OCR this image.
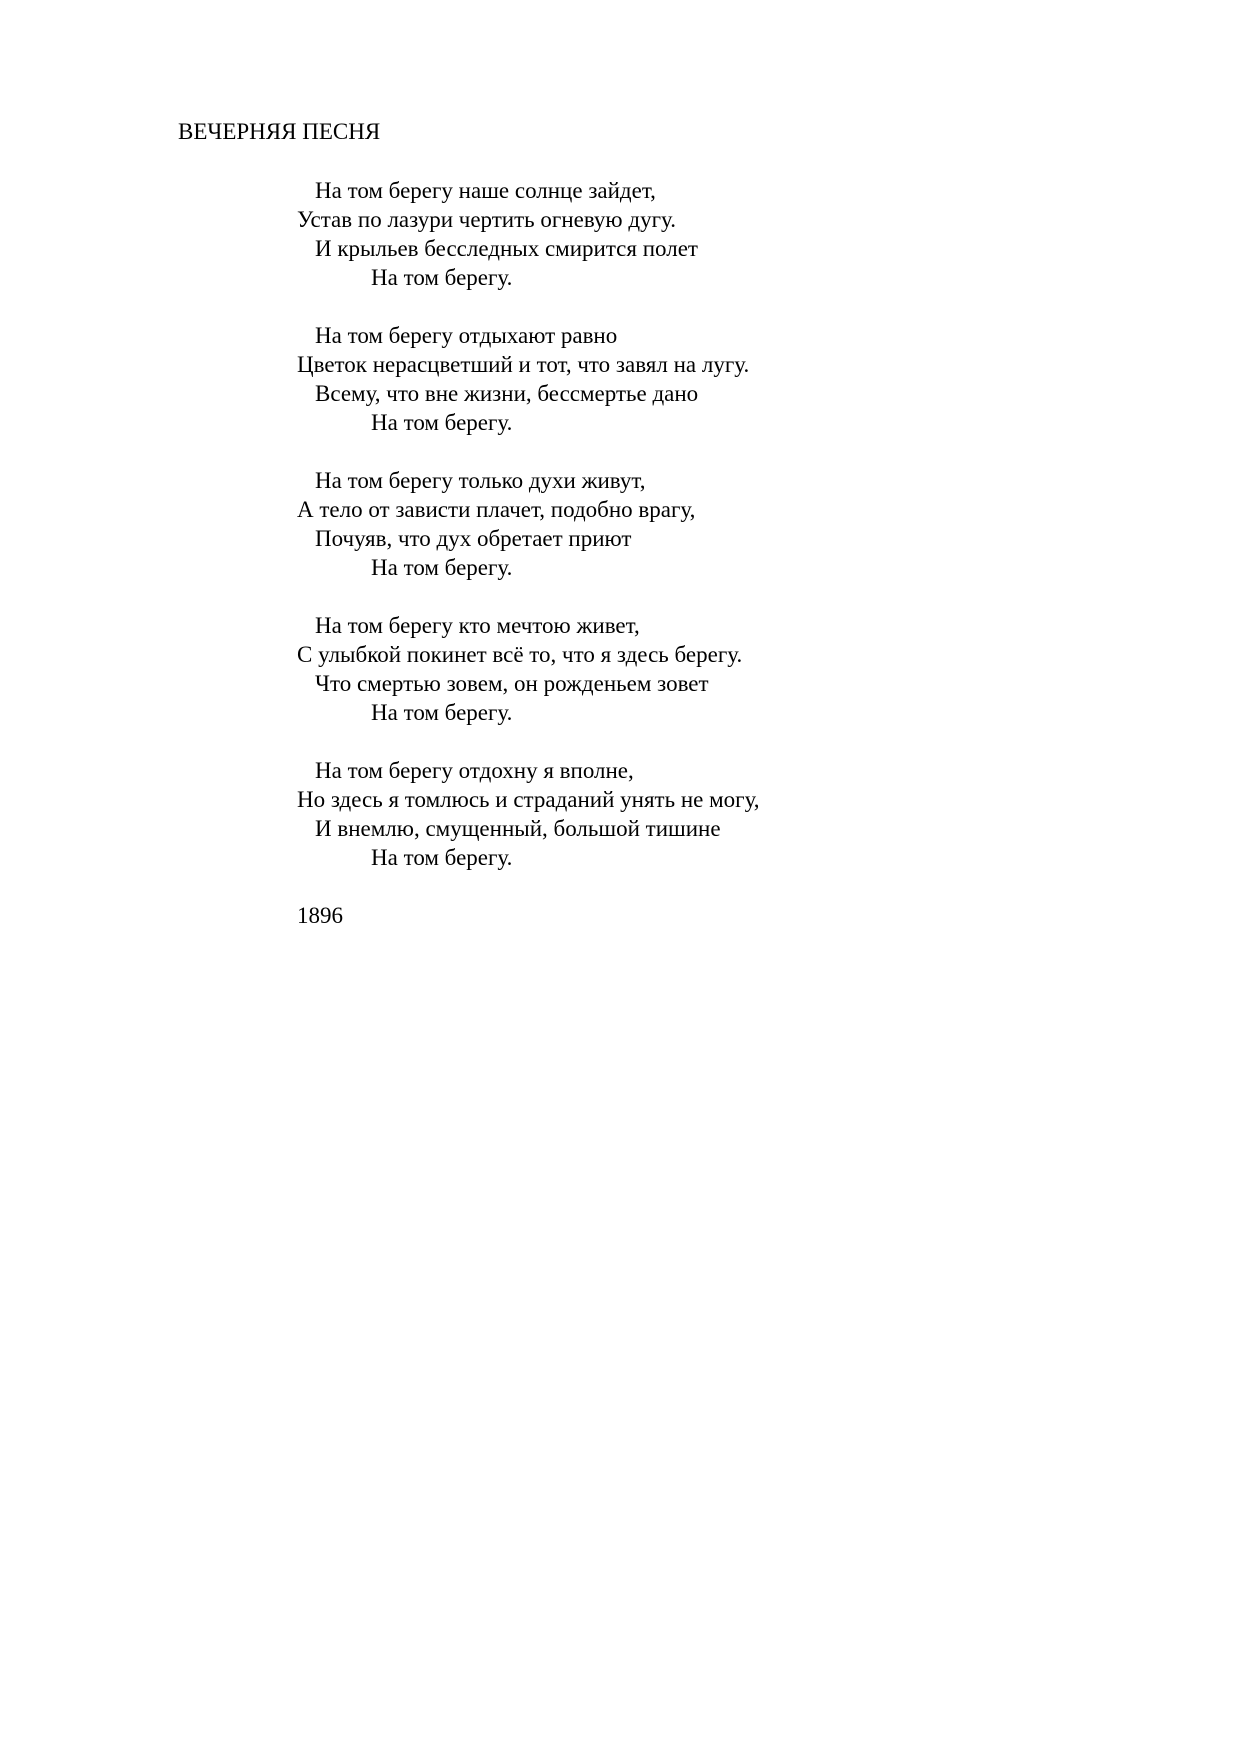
ВЕЧЕРНЯЯ ПЕСНЯ
На том берегу наше солнце зайдет,
Устав по лазури чертить огневую дугу.
И крыльев бесследных смирится полет
На том берегу.
На том берегу отдыхают равно
Цветок нерасцветший и тот, что завял на лугу.
Всему, что вне жизни, бессмертье дано
На том берегу.
На том берегу только духи живут,
А тело от зависти плачет, подобно врагу,
Почуяв, что дух обретает приют
На том берегу.
На том берегу кто мечтою живет,
С улыбкой покинет всё то, что я здесь берегу.
Что смертью зовем, он рожденьем зовет
На том берегу.
На том берегу отдохну я вполне,
Но здесь я томлюсь и страданий унять не могу,
И внемлю, смущенный, большой тишине
На том берегу.
1896
